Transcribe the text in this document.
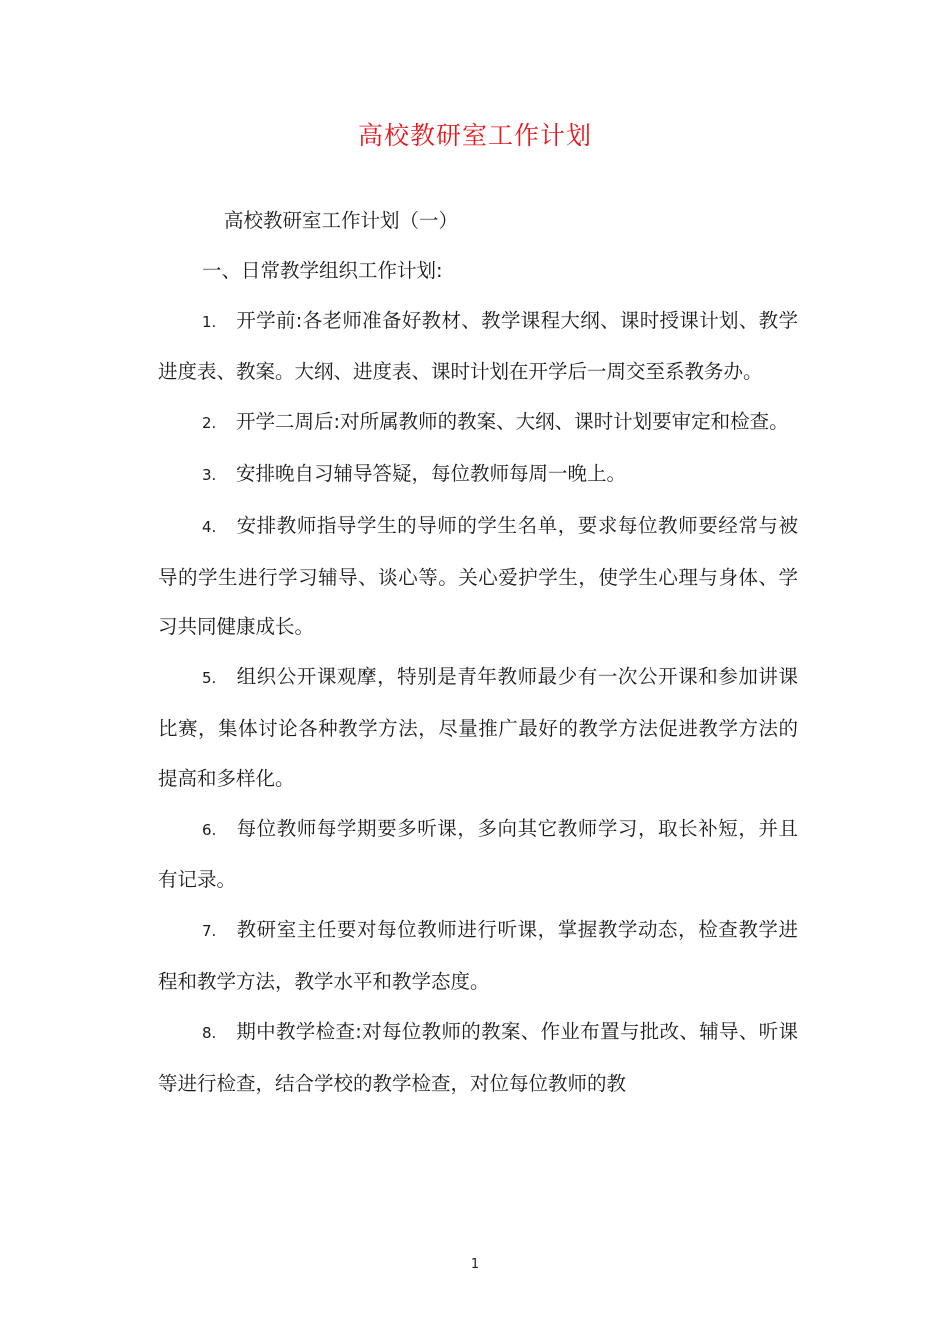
高校教研室工作计划

高校教研室工作计划（一）

一、日常教学组织工作计划:

1. 开学前:各老师准备好教材、教学课程大纲、课时授课计划、教学进度表、教案。大纲、进度表、课时计划在开学后一周交至系教务办。

2. 开学二周后:对所属教师的教案、大纲、课时计划要审定和检查。

3. 安排晚自习辅导答疑，每位教师每周一晚上。

4. 安排教师指导学生的导师的学生名单，要求每位教师要经常与被导的学生进行学习辅导、谈心等。关心爱护学生，使学生心理与身体、学习共同健康成长。

5. 组织公开课观摩，特别是青年教师最少有一次公开课和参加讲课比赛，集体讨论各种教学方法，尽量推广最好的教学方法促进教学方法的提高和多样化。

6. 每位教师每学期要多听课，多向其它教师学习，取长补短，并且有记录。

7. 教研室主任要对每位教师进行听课，掌握教学动态，检查教学进程和教学方法，教学水平和教学态度。

8. 期中教学检查:对每位教师的教案、作业布置与批改、辅导、听课等进行检查，结合学校的教学检查，对位每位教师的教

1
